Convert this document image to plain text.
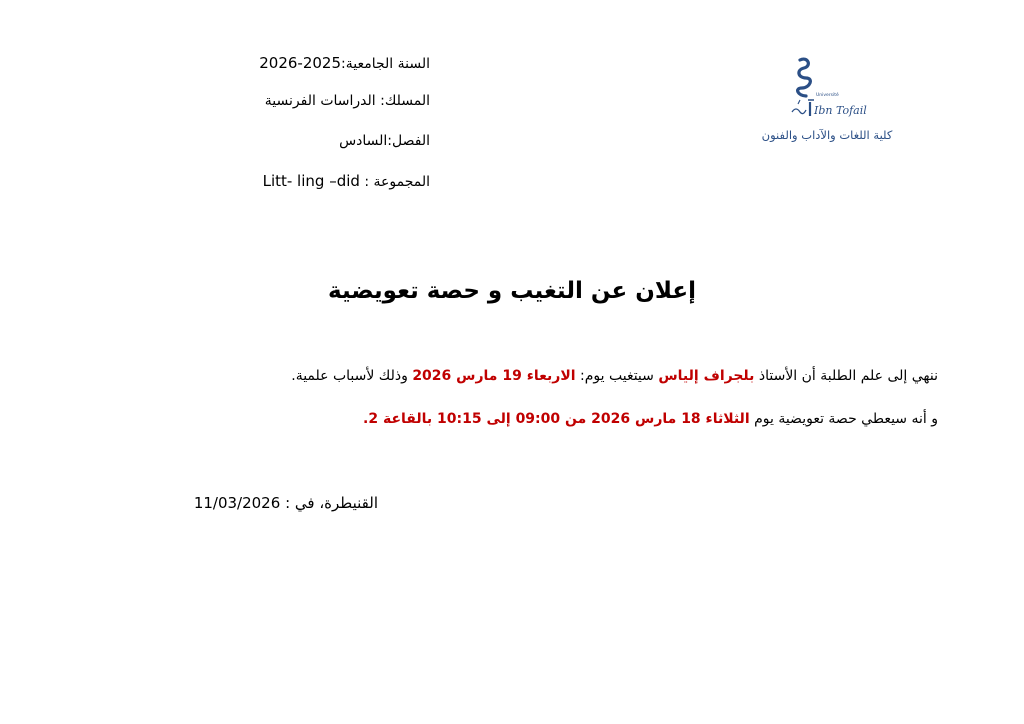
السنة الجامعية:2026-2025
المسلك: الدراسات الفرنسية
الفصل:السادس
المجموعة : Litt- ling –did
Ibn Tofail
Université
كلية اللغات والآداب والفنون
إعلان عن التغيب و حصة تعويضية
ننهي إلى علم الطلبة أن الأستاذ بلجراف إلياس سيتغيب يوم: الاربعاء 19 مارس 2026 وذلك لأسباب علمية.
و أنه سيعطي حصة تعويضية يوم الثلاثاء 18 مارس 2026 من 09:00 إلى 10:15 بالقاعة 2.
القنيطرة، في : 11/03/2026
